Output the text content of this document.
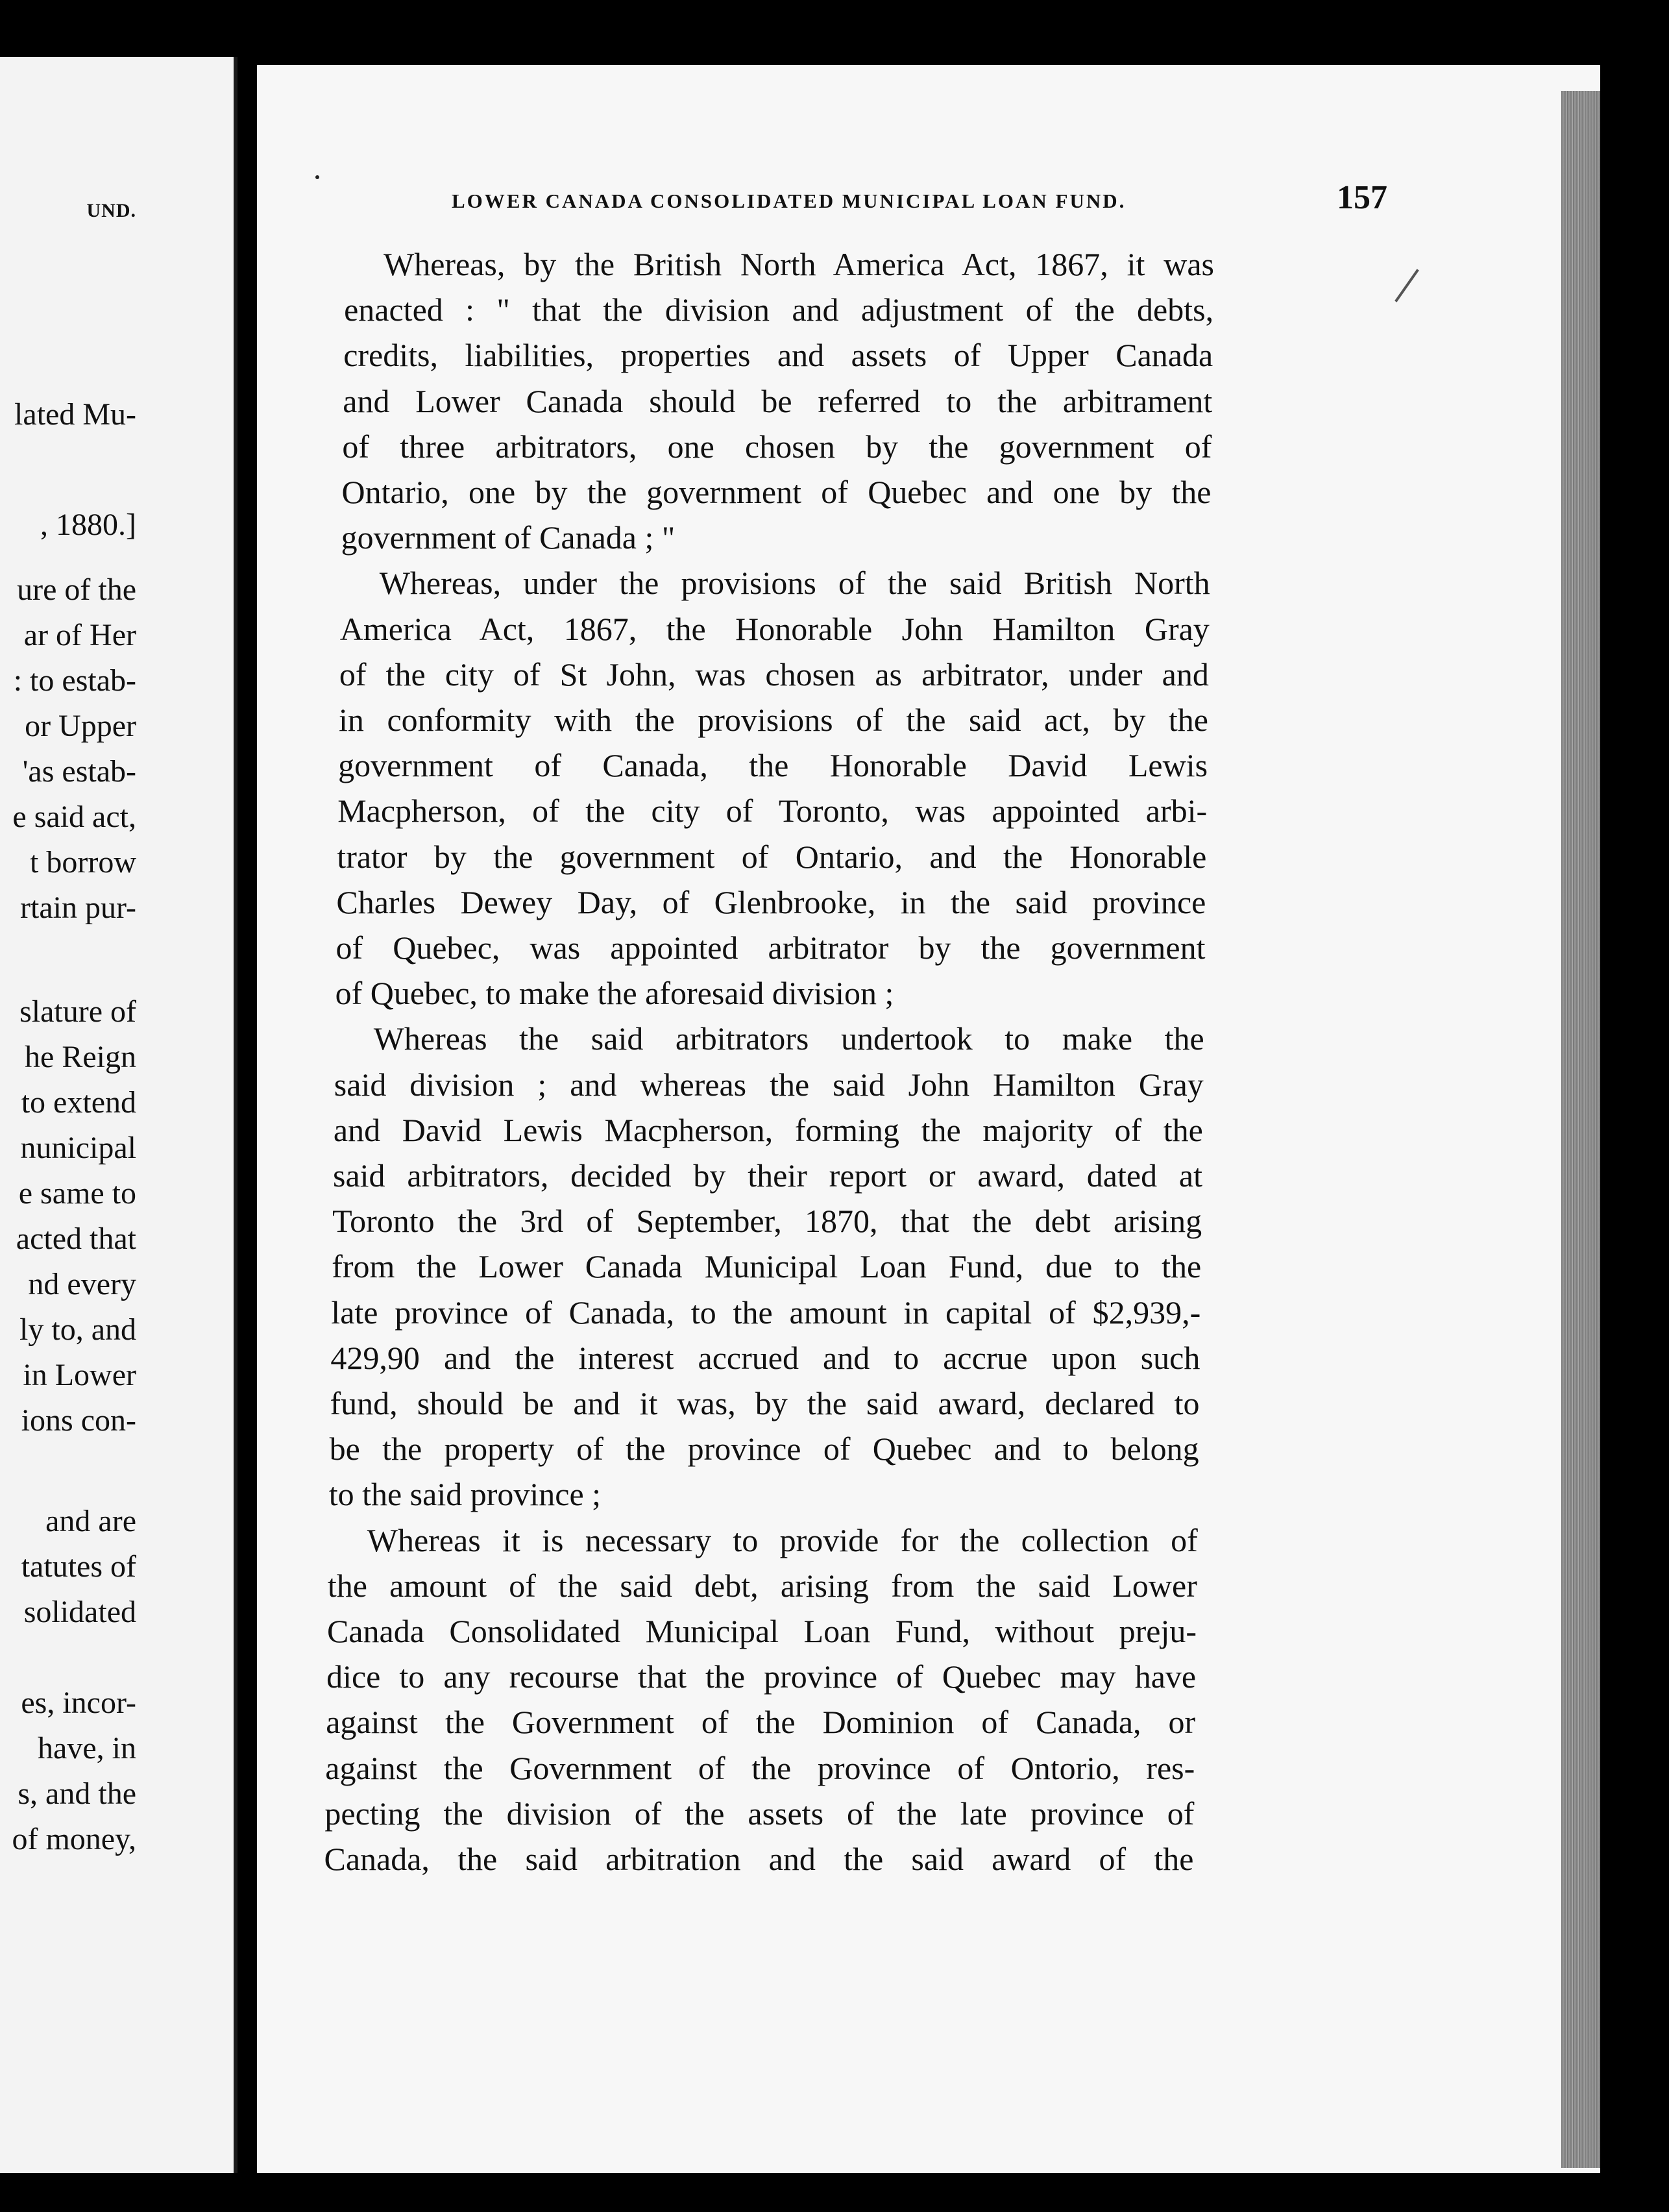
UND.
lated Mu-
, 1880.]
ure of the
ar of Her
: to estab-
or Upper
'as estab-
e said act,
t borrow
rtain pur-
slature of
he Reign
to extend
nunicipal
e same to
acted that
nd every
ly to, and
in Lower
ions con-
and are
tatutes of
solidated
es, incor-
have, in
s, and the
of money,
LOWER CANADA CONSOLIDATED MUNICIPAL LOAN FUND.	157
Whereas, by the British North America Act, 1867, it was
enacted : " that the division and adjustment of the debts,
credits, liabilities, properties and assets of Upper Canada
and Lower Canada should be referred to the arbitrament
of three arbitrators, one chosen by the government of
Ontario, one by the government of Quebec and one by the
government of Canada ; "
Whereas, under the provisions of the said British North
America Act, 1867, the Honorable John Hamilton Gray
of the city of St John, was chosen as arbitrator, under and
in conformity with the provisions of the said act, by the
government of Canada, the Honorable David Lewis
Macpherson, of the city of Toronto, was appointed arbi-
trator by the government of Ontario, and the Honorable
Charles Dewey Day, of Glenbrooke, in the said province
of Quebec, was appointed arbitrator by the government
of Quebec, to make the aforesaid division ;
Whereas the said arbitrators undertook to make the
said division ; and whereas the said John Hamilton Gray
and David Lewis Macpherson, forming the majority of the
said arbitrators, decided by their report or award, dated at
Toronto the 3rd of September, 1870, that the debt arising
from the Lower Canada Municipal Loan Fund, due to the
late province of Canada, to the amount in capital of $2,939,-
429,90 and the interest accrued and to accrue upon such
fund, should be and it was, by the said award, declared to
be the property of the province of Quebec and to belong
to the said province ;
Whereas it is necessary to provide for the collection of
the amount of the said debt, arising from the said Lower
Canada Consolidated Municipal Loan Fund, without preju-
dice to any recourse that the province of Quebec may have
against the Government of the Dominion of Canada, or
against the Government of the province of Ontorio, res-
pecting the division of the assets of the late province of
Canada, the said arbitration and the said award of the
